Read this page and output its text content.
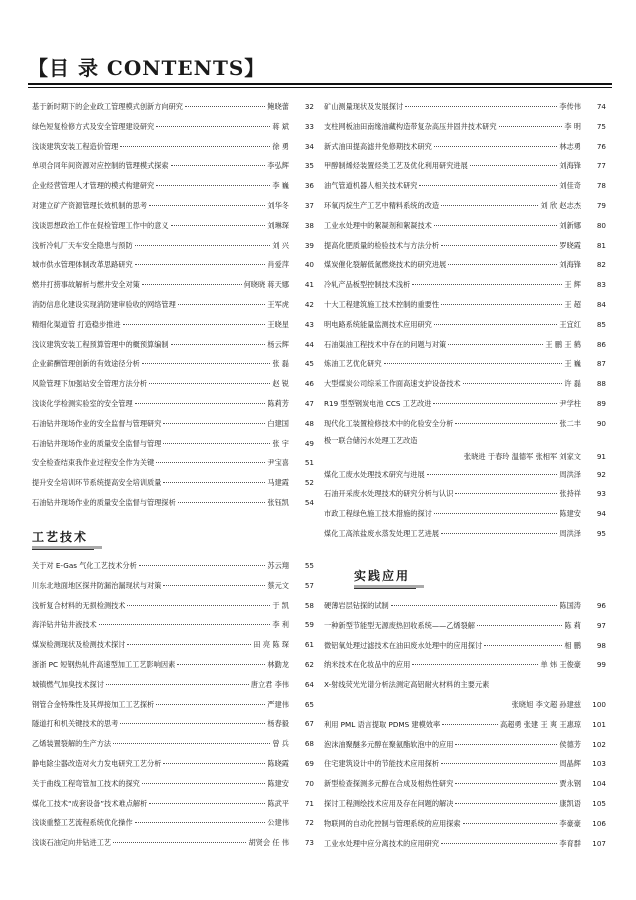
【目 录 CONTENTS】
基于新时期下的企业政工管理模式创新方向研究	鲍晓蕾	32
绿色短复检修方式及安全管理建设研究	蒋 斌	33
浅谈建筑安装工程造价管理	徐 勇	34
单项合同年间资源对应控制的管理模式探索	李弘辉	35
企业经营管理人才管理的模式构建研究	李 巍	36
对建立矿产资源管理长效机制的思考	刘华冬	37
浅谈思想政治工作在促检管理工作中的意义	刘琳琛	38
浅析冷轧厂天车安全隐患与预防	刘 兴	39
城市供水管理体制改革思路研究	肖爱萍	40
燃井打捞事故解析与燃井安全对策	何晓晓 蒋天娜	41
消防信息化建设实现消防建审验收的网络管理	王军虎	42
精细化渠道管 打造稳步推进	王晓星	43
浅议建筑安装工程预算管理中的概预算编制	杨云辉	44
企业薪酬管理创新的有效途径分析	张 磊	45
风险管理下加强站安全管理方法分析	赵 锐	46
浅谈化学检测实验室的安全管理	陈莉芳	47
石油钻井现场作业的安全监督与管理研究	白建国	48
石油钻井现场作业的质量安全监督与管理	张 宇	49
安全检查结束我作业过程安全作为关键	尹宝喜	51
提升安全培训环节系统提高安全培训质量	马建霞	52
石油钻井现场作业的质量安全监督与管理探析	张钰凯	54
工艺技术
关于对 E-Gas 气化工艺技术分析	苏云翔	55
川东北地面地区探井防漏治漏现状与对策	蔡元文	57
浅析复合材料的无损检测技术	于 凯	58
海洋钻井钻井液技术	李 利	59
煤炭检测现状及检测技术探讨	田 亮 陈 琛	61
浙浙 PC 短钢热轧件高速型加工工艺影响因素	林勤龙	62
城镇燃气加臭技术探讨	唐立君 李伟	64
钢管合金特殊性及其焊接加工工艺探析	严建伟	65
隧道打和机关键技术的思考	杨春毅	67
乙烯装置裂解的生产方法	曾 兵	68
静电除尘器改造对火力发电研究工艺分析	陈晓霞	69
关于曲线工程弯管加工技术的探究	陈建安	70
煤化工技术“成套设备”技术难点解析	陈武平	71
浅谈重整工艺流程系统优化操作	公建伟	72
浅谈石油定向井钻进工艺	胡贤会 任 伟	73
矿山测量现状及发展探讨	李传伟	74
支柱网板油田南缘油藏构造带复杂高压井固井技术研究	李 明	75
新式油田提高滤井免修期技术研究	林志勇	76
甲醇制烯烃装置烃类工艺及优化利用研究进展	刘海锋	77
油气管道机器人相关技术研究	刘佳奇	78
环氧丙烷生产工艺中精料系统的改造	刘 欣 赵志杰	79
工业水处理中的絮凝剂和絮凝技术	刘新娜	80
提高化肥质量的检验技术与方法分析	罗晓霞	81
煤炭催化裂解低氮燃烧技术的研究进展	刘海锋	82
冷轧产品板型控制技术浅析	王 辉	83
十大工程建筑施工技术控制的重要性	王 超	84
明电路系统能量监测技术应用研究	王宜红	85
石油渠油工程技术中存在的问题与对策	王 鹏 王 鹤	86
炼油工艺优化研究	王 巍	87
大型煤炭公司综采工作面高速支护设备技术	许 磊	88
R19 型型钢炭电池 CCS 工艺改进	尹学柱	89
现代化工装置检修技术中的化验安全分析	张二丰	90
极一联合储污水处理工艺改造
张晓进 于春玲 温德军 张相军 刘家文	91
煤化工废水处理技术研究与进展	周洪泽	92
石油开采废水处理技术的研究分析与认识	张持祥	93
市政工程绿色施工技术措施的探讨	陈建安	94
煤化工高浓盐废水蒸发处理工艺进展	周洪泽	95
实践应用
硬薄岩层钻探的试制	陈国涛	96
一种新型节能型无源废热回收系统——乙烯裂解	陈 莉	97
微铝氧处理过滤技术在油田废水处理中的应用探讨	相 鹏	98
纳米技术在化妆品中的应用	单 炜 王俊豪	99
X-射线荧光光谱分析法测定高铝耐火材料的主要元素
张晓旭 李文超 孙建兹	100
利用 PML 语言提取 PDMS 建模效率	高超勇 张建 王 爽 王惠琼	101
泡沫油聚醚多元醇在聚氨酯软泡中的应用	侯德芳	102
住宅建筑设计中的节能技术应用探析	周晶辉	103
新型检查探测多元醇在合成及相热性研究	贾永钢	104
探讨工程测绘技术应用及存在问题的解决	康凯语	105
物联网的自动化控制与管理系统的应用探索	李豪豪	106
工业水处理中应分离技术的应用研究	李育群	107
